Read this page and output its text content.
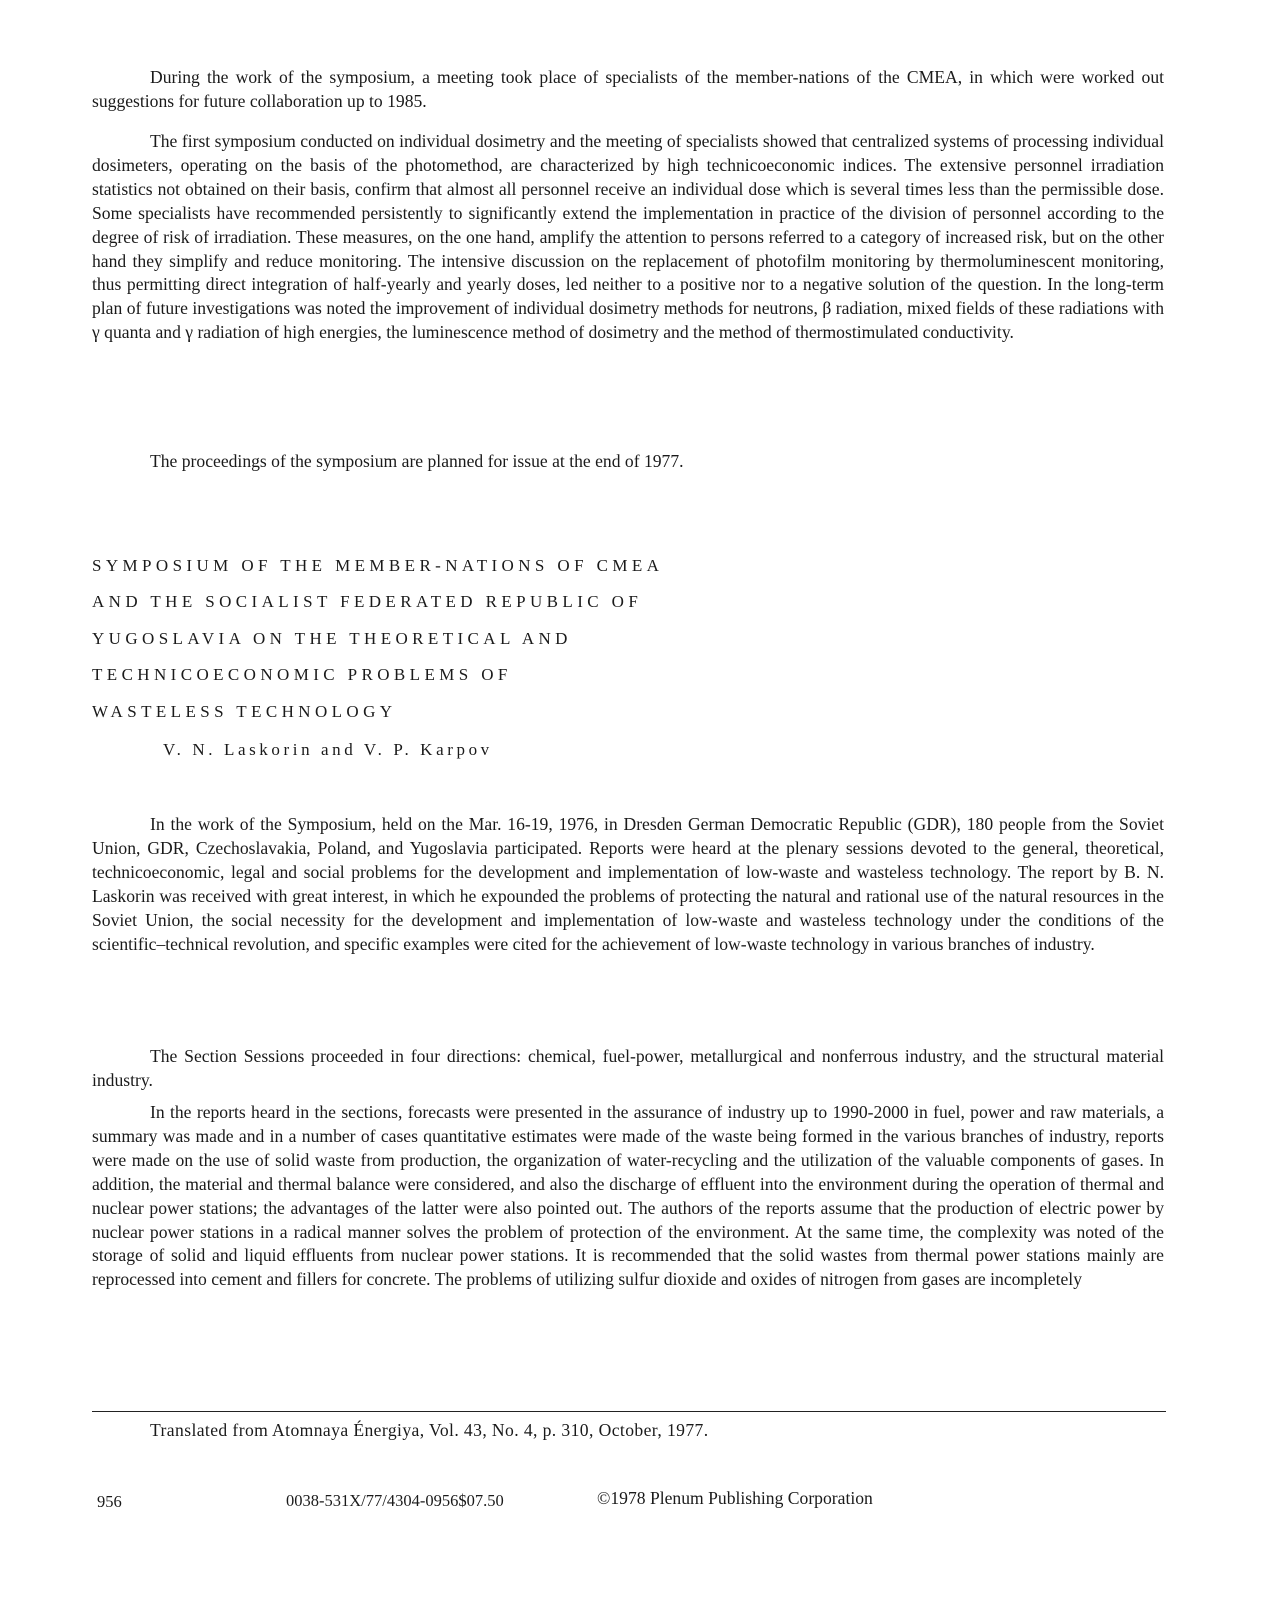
During the work of the symposium, a meeting took place of specialists of the member-nations of the CMEA, in which were worked out suggestions for future collaboration up to 1985.

The first symposium conducted on individual dosimetry and the meeting of specialists showed that centralized systems of processing individual dosimeters, operating on the basis of the photomethod, are characterized by high technicoeconomic indices. The extensive personnel irradiation statistics not obtained on their basis, confirm that almost all personnel receive an individual dose which is several times less than the permissible dose. Some specialists have recommended persistently to significantly extend the implementation in practice of the division of personnel according to the degree of risk of irradiation. These measures, on the one hand, amplify the attention to persons referred to a category of increased risk, but on the other hand they simplify and reduce monitoring. The intensive discussion on the replacement of photofilm monitoring by thermoluminescent monitoring, thus permitting direct integration of half-yearly and yearly doses, led neither to a positive nor to a negative solution of the question. In the long-term plan of future investigations was noted the improvement of individual dosimetry methods for neutrons, β radiation, mixed fields of these radiations with γ quanta and γ radiation of high energies, the luminescence method of dosimetry and the method of thermostimulated conductivity.

The proceedings of the symposium are planned for issue at the end of 1977.

SYMPOSIUM OF THE MEMBER-NATIONS OF CMEA
AND THE SOCIALIST FEDERATED REPUBLIC OF
YUGOSLAVIA ON THE THEORETICAL AND
TECHNICOECONOMIC PROBLEMS OF
WASTELESS TECHNOLOGY

V. N. Laskorin and V. P. Karpov

In the work of the Symposium, held on the Mar. 16-19, 1976, in Dresden German Democratic Republic (GDR), 180 people from the Soviet Union, GDR, Czechoslavakia, Poland, and Yugoslavia participated. Reports were heard at the plenary sessions devoted to the general, theoretical, technicoeconomic, legal and social problems for the development and implementation of low-waste and wasteless technology. The report by B. N. Laskorin was received with great interest, in which he expounded the problems of protecting the natural and rational use of the natural resources in the Soviet Union, the social necessity for the development and implementation of low-waste and wasteless technology under the conditions of the scientific–technical revolution, and specific examples were cited for the achievement of low-waste technology in various branches of industry.

The Section Sessions proceeded in four directions: chemical, fuel-power, metallurgical and nonferrous industry, and the structural material industry.

In the reports heard in the sections, forecasts were presented in the assurance of industry up to 1990-2000 in fuel, power and raw materials, a summary was made and in a number of cases quantitative estimates were made of the waste being formed in the various branches of industry, reports were made on the use of solid waste from production, the organization of water-recycling and the utilization of the valuable components of gases. In addition, the material and thermal balance were considered, and also the discharge of effluent into the environment during the operation of thermal and nuclear power stations; the advantages of the latter were also pointed out. The authors of the reports assume that the production of electric power by nuclear power stations in a radical manner solves the problem of protection of the environment. At the same time, the complexity was noted of the storage of solid and liquid effluents from nuclear power stations. It is recommended that the solid wastes from thermal power stations mainly are reprocessed into cement and fillers for concrete. The problems of utilizing sulfur dioxide and oxides of nitrogen from gases are incompletely

Translated from Atomnaya Énergiya, Vol. 43, No. 4, p. 310, October, 1977.

956	0038-531X/77/4304-0956$07.50	©1978 Plenum Publishing Corporation
